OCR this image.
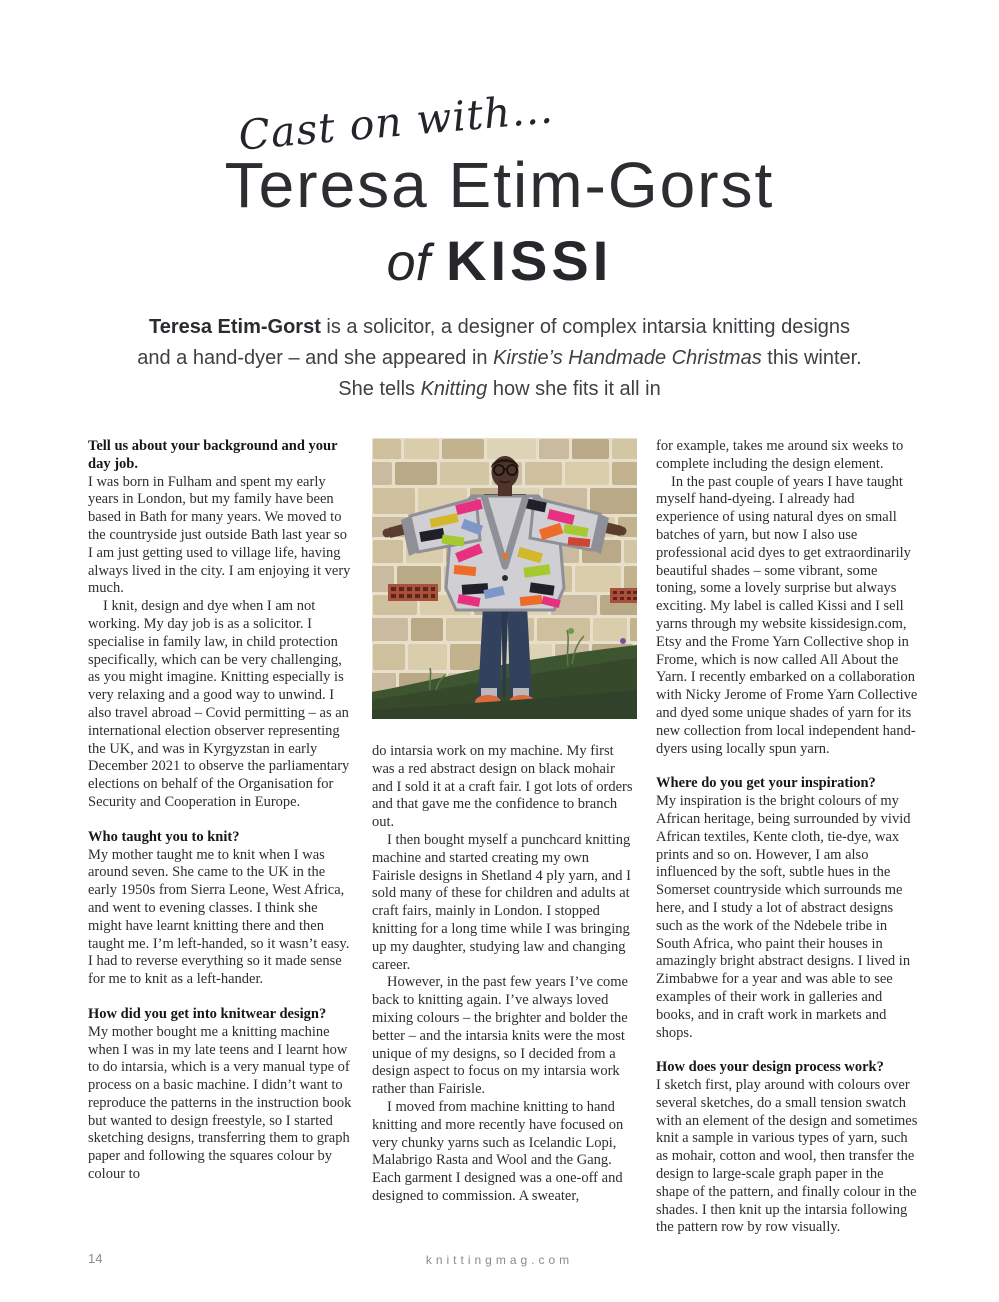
Cast on with...
Teresa Etim-Gorst
of KISSI
Teresa Etim-Gorst is a solicitor, a designer of complex intarsia knitting designs
and a hand-dyer – and she appeared in Kirstie’s Handmade Christmas this winter.
She tells Knitting how she fits it all in

Tell us about your background and your day job.

I was born in Fulham and spent my early years in London, but my family have been based in Bath for many years. We moved to the countryside just outside Bath last year so I am just getting used to village life, having always lived in the city. I am enjoying it very much.

I knit, design and dye when I am not working. My day job is as a solicitor. I specialise in family law, in child protection specifically, which can be very challenging, as you might imagine. Knitting especially is very relaxing and a good way to unwind. I also travel abroad – Covid permitting – as an international election observer representing the UK, and was in Kyrgyzstan in early December 2021 to observe the parliamentary elections on behalf of the Organisation for Security and Cooperation in Europe.

Who taught you to knit?

My mother taught me to knit when I was around seven. She came to the UK in the early 1950s from Sierra Leone, West Africa, and went to evening classes. I think she might have learnt knitting there and then taught me. I’m left-handed, so it wasn’t easy. I had to reverse everything so it made sense for me to knit as a left-hander.

How did you get into knitwear design?

My mother bought me a knitting machine when I was in my late teens and I learnt how to do intarsia, which is a very manual type of process on a basic machine. I didn’t want to reproduce the patterns in the instruction book but wanted to design freestyle, so I started sketching designs, transferring them to graph paper and following the squares colour by colour to

do intarsia work on my machine. My first was a red abstract design on black mohair and I sold it at a craft fair. I got lots of orders and that gave me the confidence to branch out.

I then bought myself a punchcard knitting machine and started creating my own Fairisle designs in Shetland 4 ply yarn, and I sold many of these for children and adults at craft fairs, mainly in London. I stopped knitting for a long time while I was bringing up my daughter, studying law and changing career.

However, in the past few years I’ve come back to knitting again. I’ve always loved mixing colours – the brighter and bolder the better – and the intarsia knits were the most unique of my designs, so I decided from a design aspect to focus on my intarsia work rather than Fairisle.

I moved from machine knitting to hand knitting and more recently have focused on very chunky yarns such as Icelandic Lopi, Malabrigo Rasta and Wool and the Gang. Each garment I designed was a one-off and designed to commission. A sweater,

for example, takes me around six weeks to complete including the design element.

In the past couple of years I have taught myself hand-dyeing. I already had experience of using natural dyes on small batches of yarn, but now I also use professional acid dyes to get extraordinarily beautiful shades – some vibrant, some toning, some a lovely surprise but always exciting. My label is called Kissi and I sell yarns through my website kissidesign.com, Etsy and the Frome Yarn Collective shop in Frome, which is now called All About the Yarn. I recently embarked on a collaboration with Nicky Jerome of Frome Yarn Collective and dyed some unique shades of yarn for its new collection from local independent hand-dyers using locally spun yarn.

Where do you get your inspiration?

My inspiration is the bright colours of my African heritage, being surrounded by vivid African textiles, Kente cloth, tie-dye, wax prints and so on. However, I am also influenced by the soft, subtle hues in the Somerset countryside which surrounds me here, and I study a lot of abstract designs such as the work of the Ndebele tribe in South Africa, who paint their houses in amazingly bright abstract designs. I lived in Zimbabwe for a year and was able to see examples of their work in galleries and books, and in craft work in markets and shops.

How does your design process work?

I sketch first, play around with colours over several sketches, do a small tension swatch with an element of the design and sometimes knit a sample in various types of yarn, such as mohair, cotton and wool, then transfer the design to large-scale graph paper in the shape of the pattern, and finally colour in the shades. I then knit up the intarsia following the pattern row by row visually.

14	knittingmag.com
